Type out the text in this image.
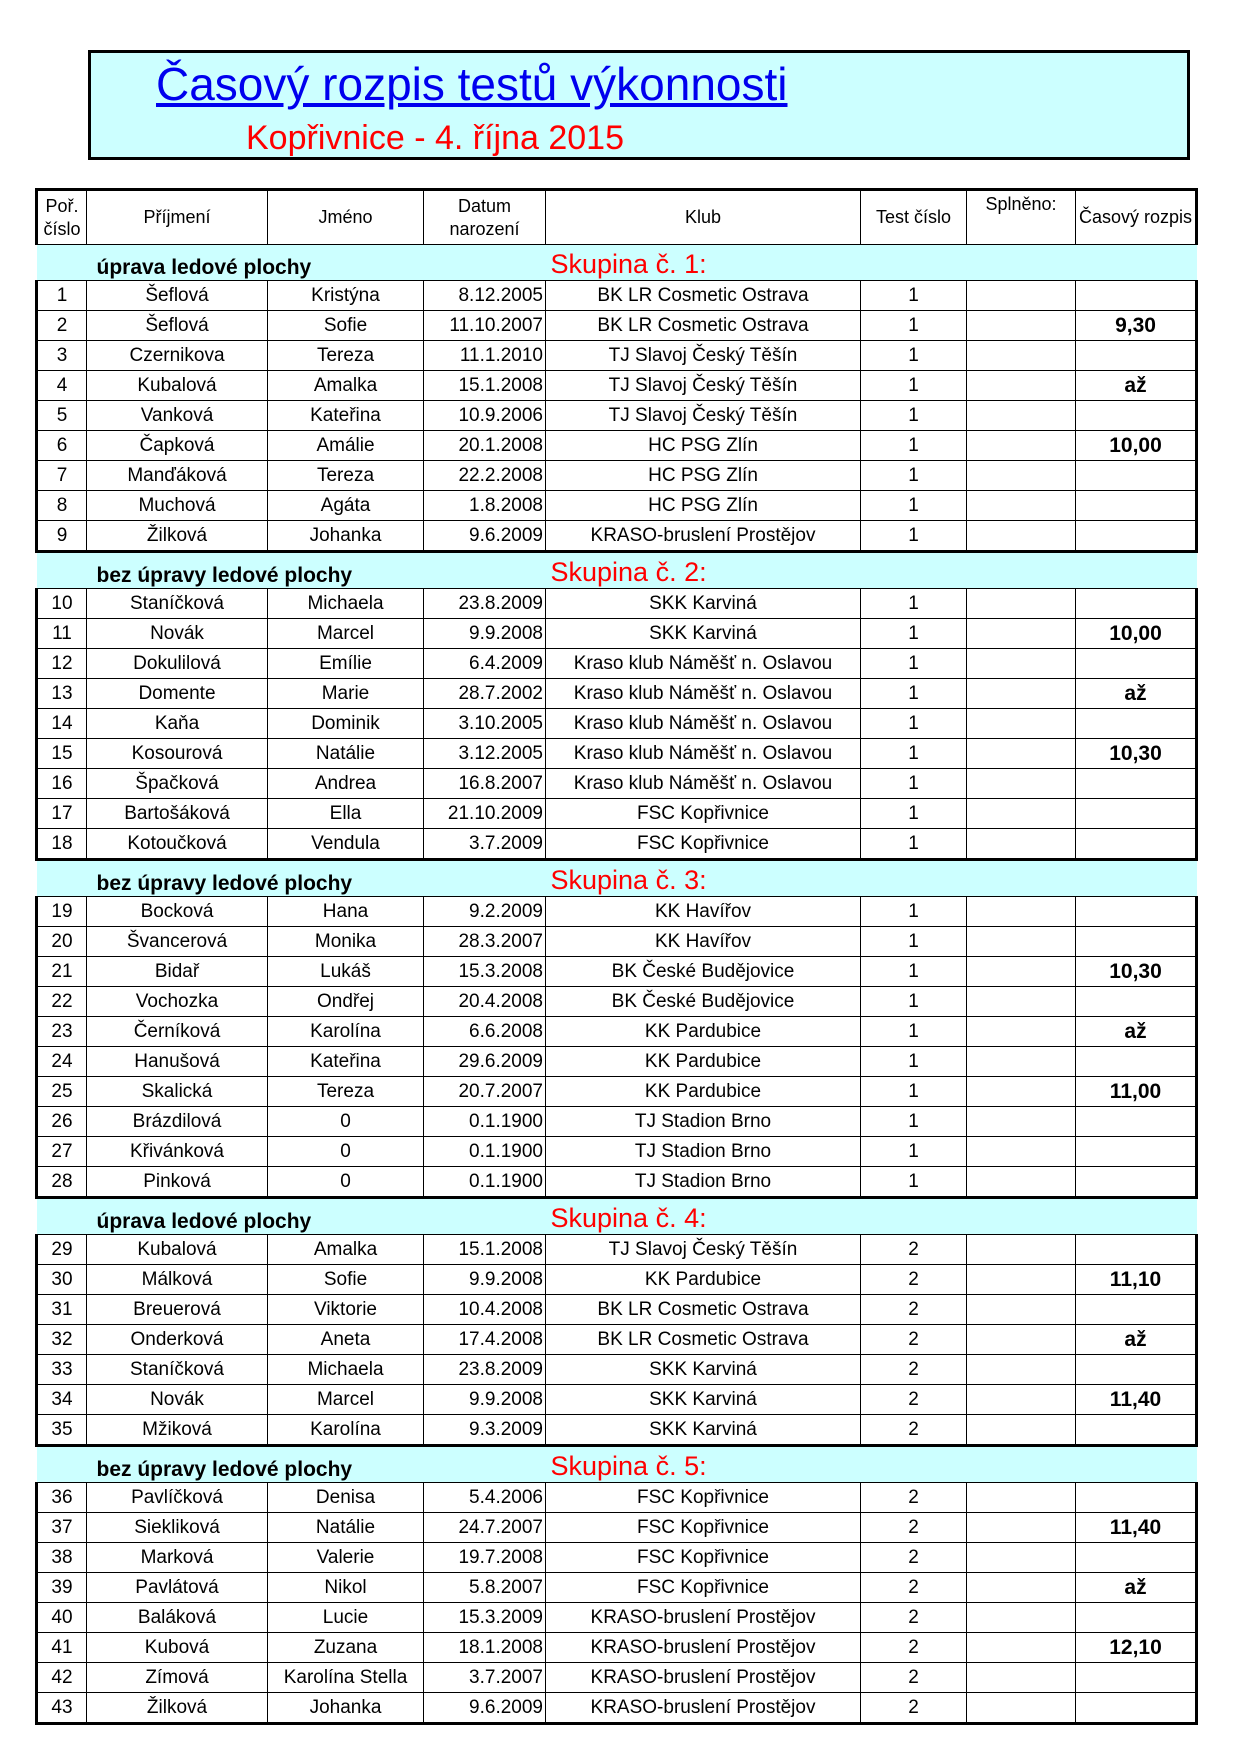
Časový rozpis testů výkonnosti
Kopřivnice - 4. října 2015
Poř. číslo	Příjmení	Jméno	Datum narození	Klub	Test číslo	Splněno:	Časový rozpis
úprava ledové plochy				Skupina č. 1:			
1	Šeflová	Kristýna	8.12.2005	BK LR Cosmetic Ostrava	1		
2	Šeflová	Sofie	11.10.2007	BK LR Cosmetic Ostrava	1		9,30
3	Czernikova	Tereza	11.1.2010	TJ Slavoj Český Těšín	1		
4	Kubalová	Amalka	15.1.2008	TJ Slavoj Český Těšín	1		až
5	Vanková	Kateřina	10.9.2006	TJ Slavoj Český Těšín	1		
6	Čapková	Amálie	20.1.2008	HC PSG Zlín	1		10,00
7	Manďáková	Tereza	22.2.2008	HC PSG Zlín	1		
8	Muchová	Agáta	1.8.2008	HC PSG Zlín	1		
9	Žilková	Johanka	9.6.2009	KRASO-bruslení Prostějov	1		
bez úpravy ledové plochy				Skupina č. 2:			
10	Staníčková	Michaela	23.8.2009	SKK Karviná	1		
11	Novák	Marcel	9.9.2008	SKK Karviná	1		10,00
12	Dokulilová	Emílie	6.4.2009	Kraso klub Náměšť n. Oslavou	1		
13	Domente	Marie	28.7.2002	Kraso klub Náměšť n. Oslavou	1		až
14	Kaňa	Dominik	3.10.2005	Kraso klub Náměšť n. Oslavou	1		
15	Kosourová	Natálie	3.12.2005	Kraso klub Náměšť n. Oslavou	1		10,30
16	Špačková	Andrea	16.8.2007	Kraso klub Náměšť n. Oslavou	1		
17	Bartošáková	Ella	21.10.2009	FSC Kopřivnice	1		
18	Kotoučková	Vendula	3.7.2009	FSC Kopřivnice	1		
bez úpravy ledové plochy				Skupina č. 3:			
19	Bocková	Hana	9.2.2009	KK Havířov	1		
20	Švancerová	Monika	28.3.2007	KK Havířov	1		
21	Bidař	Lukáš	15.3.2008	BK České Budějovice	1		10,30
22	Vochozka	Ondřej	20.4.2008	BK České Budějovice	1		
23	Černíková	Karolína	6.6.2008	KK Pardubice	1		až
24	Hanušová	Kateřina	29.6.2009	KK Pardubice	1		
25	Skalická	Tereza	20.7.2007	KK Pardubice	1		11,00
26	Brázdilová	0	0.1.1900	TJ Stadion Brno	1		
27	Křivánková	0	0.1.1900	TJ Stadion Brno	1		
28	Pinková	0	0.1.1900	TJ Stadion Brno	1		
úprava ledové plochy				Skupina č. 4:			
29	Kubalová	Amalka	15.1.2008	TJ Slavoj Český Těšín	2		
30	Málková	Sofie	9.9.2008	KK Pardubice	2		11,10
31	Breuerová	Viktorie	10.4.2008	BK LR Cosmetic Ostrava	2		
32	Onderková	Aneta	17.4.2008	BK LR Cosmetic Ostrava	2		až
33	Staníčková	Michaela	23.8.2009	SKK Karviná	2		
34	Novák	Marcel	9.9.2008	SKK Karviná	2		11,40
35	Mžiková	Karolína	9.3.2009	SKK Karviná	2		
bez úpravy ledové plochy				Skupina č. 5:			
36	Pavlíčková	Denisa	5.4.2006	FSC Kopřivnice	2		
37	Siekliková	Natálie	24.7.2007	FSC Kopřivnice	2		11,40
38	Marková	Valerie	19.7.2008	FSC Kopřivnice	2		
39	Pavlátová	Nikol	5.8.2007	FSC Kopřivnice	2		až
40	Baláková	Lucie	15.3.2009	KRASO-bruslení Prostějov	2		
41	Kubová	Zuzana	18.1.2008	KRASO-bruslení Prostějov	2		12,10
42	Zímová	Karolína Stella	3.7.2007	KRASO-bruslení Prostějov	2		
43	Žilková	Johanka	9.6.2009	KRASO-bruslení Prostějov	2		
